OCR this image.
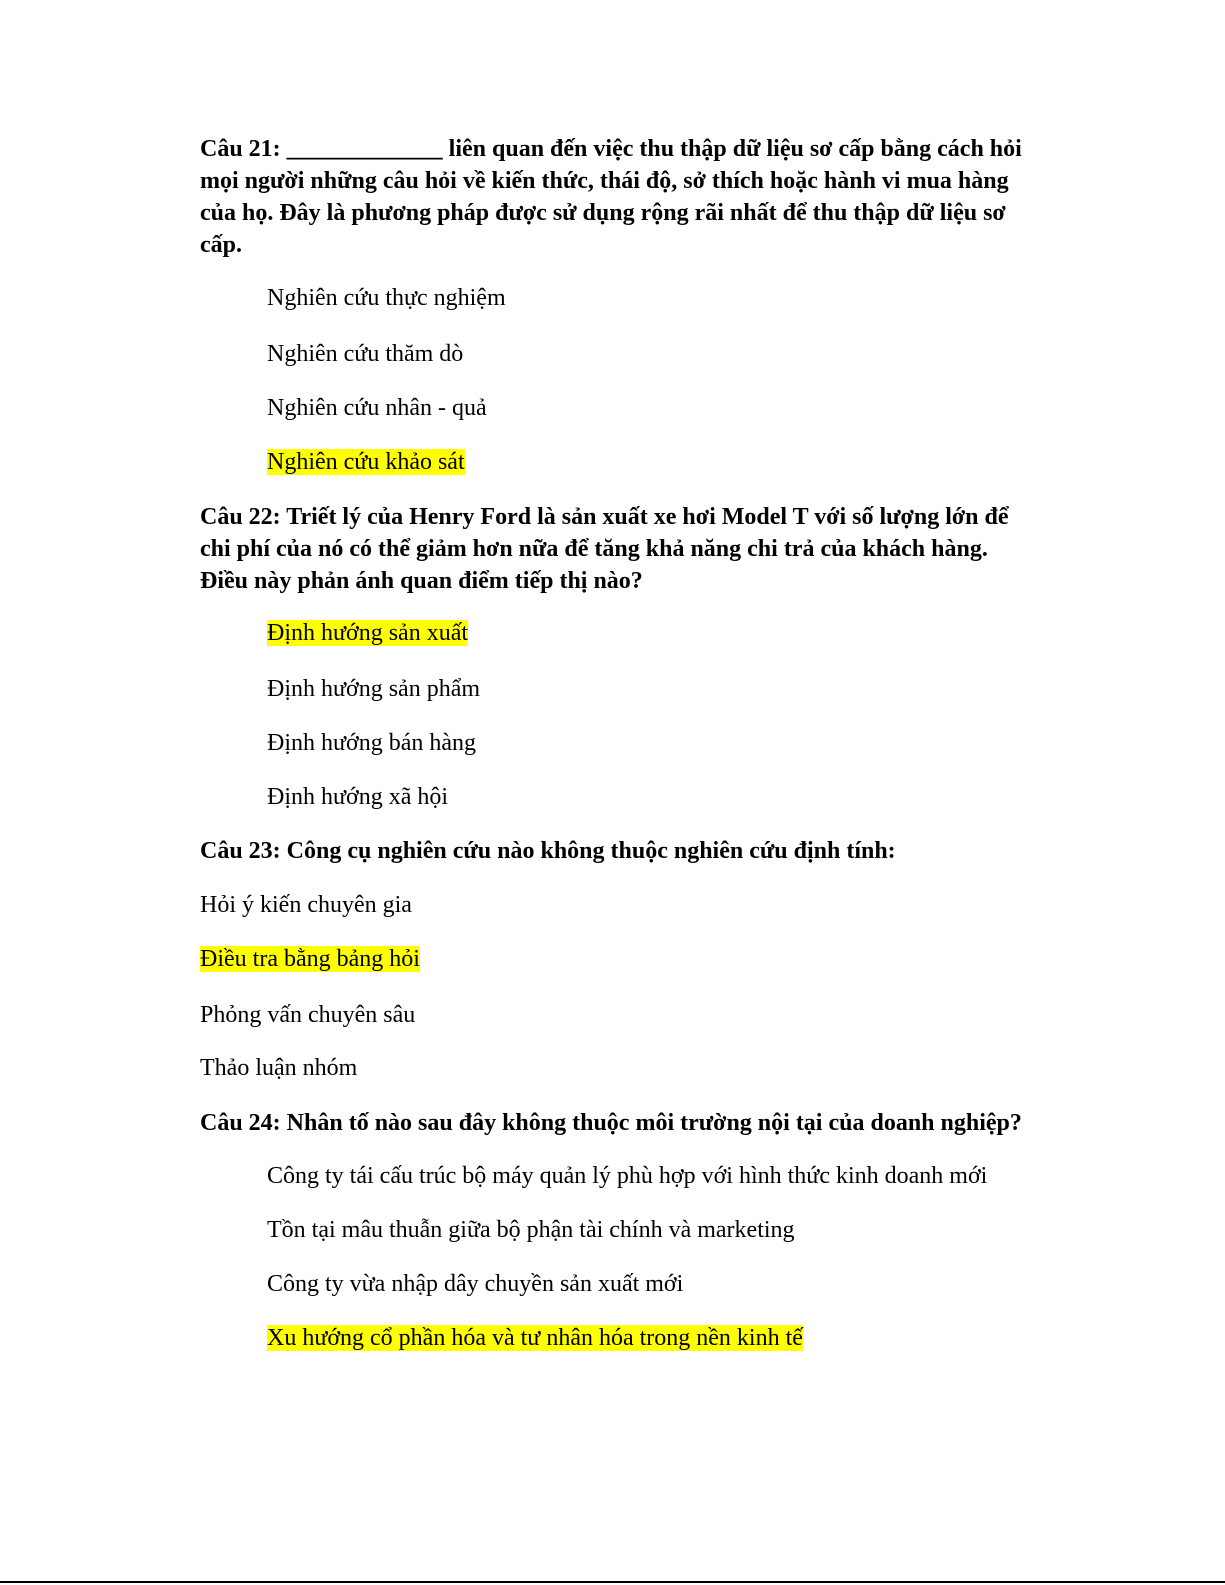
Câu 21: _____________ liên quan đến việc thu thập dữ liệu sơ cấp bằng cách hỏi mọi người những câu hỏi về kiến thức, thái độ, sở thích hoặc hành vi mua hàng của họ. Đây là phương pháp được sử dụng rộng rãi nhất để thu thập dữ liệu sơ cấp.
Nghiên cứu thực nghiệm
Nghiên cứu thăm dò
Nghiên cứu nhân - quả
Nghiên cứu khảo sát
Câu 22: Triết lý của Henry Ford là sản xuất xe hơi Model T với số lượng lớn để chi phí của nó có thể giảm hơn nữa để tăng khả năng chi trả của khách hàng. Điều này phản ánh quan điểm tiếp thị nào?
Định hướng sản xuất
Định hướng sản phẩm
Định hướng bán hàng
Định hướng xã hội
Câu 23: Công cụ nghiên cứu nào không thuộc nghiên cứu định tính:
Hỏi ý kiến chuyên gia
Điều tra bằng bảng hỏi
Phỏng vấn chuyên sâu
Thảo luận nhóm
Câu 24: Nhân tố nào sau đây không thuộc môi trường nội tại của doanh nghiệp?
Công ty tái cấu trúc bộ máy quản lý phù hợp với hình thức kinh doanh mới
Tồn tại mâu thuẫn giữa bộ phận tài chính và marketing
Công ty vừa nhập dây chuyền sản xuất mới
Xu hướng cổ phần hóa và tư nhân hóa trong nền kinh tế
